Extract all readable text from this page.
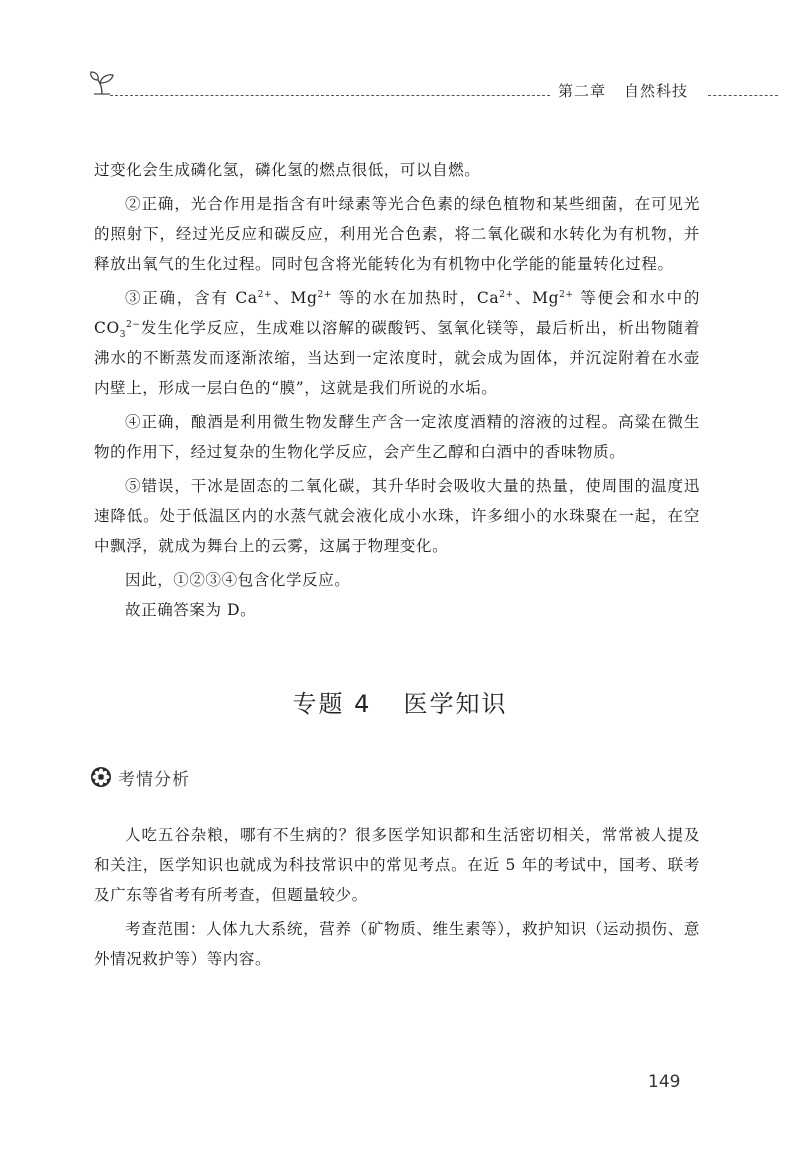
第二章 自然科技

过变化会生成磷化氢，磷化氢的燃点很低，可以自燃。

②正确，光合作用是指含有叶绿素等光合色素的绿色植物和某些细菌，在可见光的照射下，经过光反应和碳反应，利用光合色素，将二氧化碳和水转化为有机物，并释放出氧气的生化过程。同时包含将光能转化为有机物中化学能的能量转化过程。

③正确，含有 $Ca^{2+}$、$Mg^{2+}$ 等的水在加热时，$Ca^{2+}$、$Mg^{2+}$ 等便会和水中的$CO_3^{2-}$发生化学反应，生成难以溶解的碳酸钙、氢氧化镁等，最后析出，析出物随着沸水的不断蒸发而逐渐浓缩，当达到一定浓度时，就会成为固体，并沉淀附着在水壶内壁上，形成一层白色的“膜”，这就是我们所说的水垢。

④正确，酿酒是利用微生物发酵生产含一定浓度酒精的溶液的过程。高粱在微生物的作用下，经过复杂的生物化学反应，会产生乙醇和白酒中的香味物质。

⑤错误，干冰是固态的二氧化碳，其升华时会吸收大量的热量，使周围的温度迅速降低。处于低温区内的水蒸气就会液化成小水珠，许多细小的水珠聚在一起，在空中飘浮，就成为舞台上的云雾，这属于物理变化。

因此，①②③④包含化学反应。

故正确答案为 D。

专题 4 医学知识
考情分析

人吃五谷杂粮，哪有不生病的？很多医学知识都和生活密切相关，常常被人提及和关注，医学知识也就成为科技常识中的常见考点。在近 5 年的考试中，国考、联考及广东等省考有所考查，但题量较少。

考查范围：人体九大系统，营养（矿物质、维生素等），救护知识（运动损伤、意外情况救护等）等内容。

149
